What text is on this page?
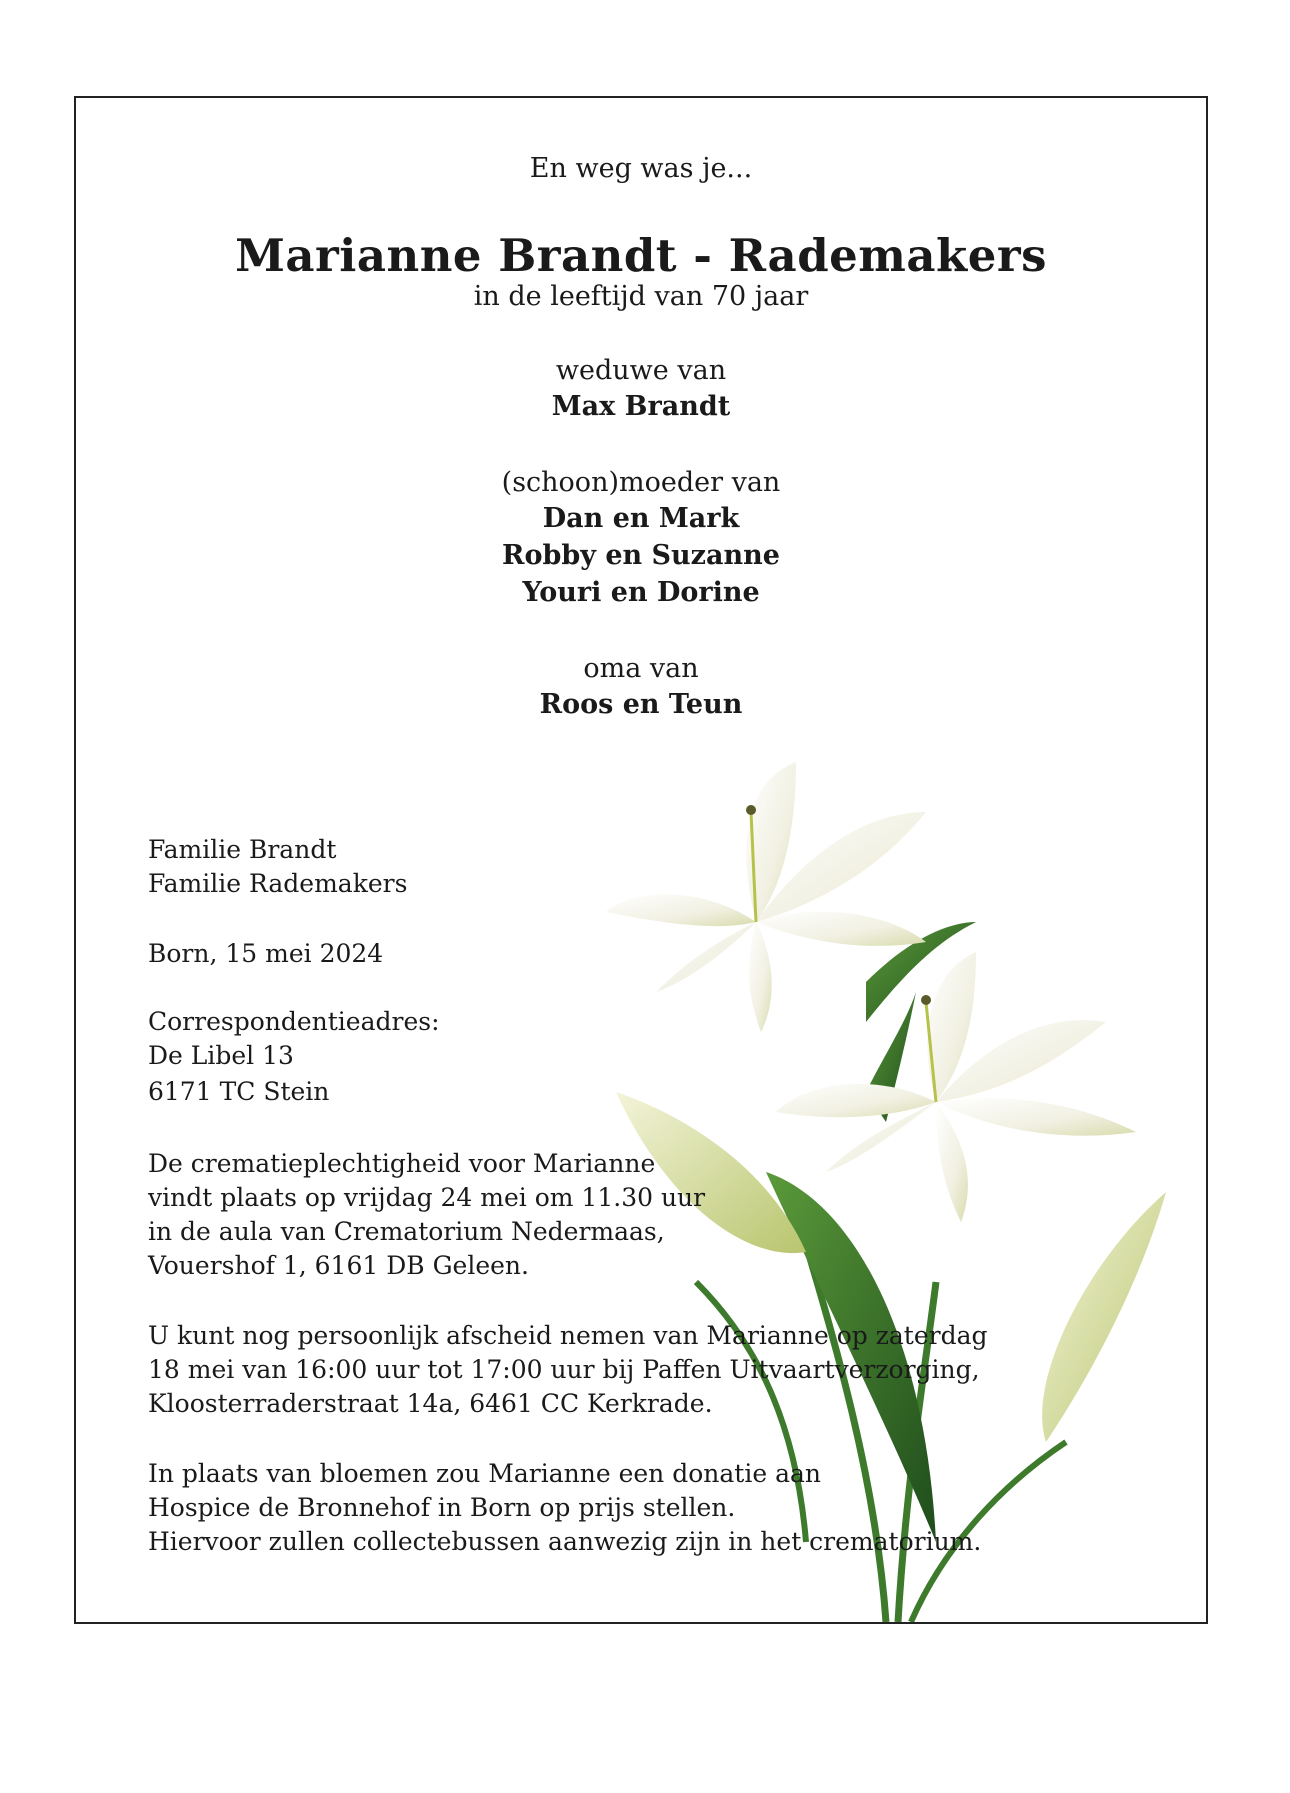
En weg was je...
Marianne Brandt - Rademakers
in de leeftijd van 70 jaar
weduwe van
Max Brandt
(schoon)moeder van
Dan en Mark
Robby en Suzanne
Youri en Dorine
oma van
Roos en Teun
Familie Brandt
Familie Rademakers
Born, 15 mei 2024
Correspondentieadres:
De Libel 13
6171 TC Stein
De crematieplechtigheid voor Marianne
vindt plaats op vrijdag 24 mei om 11.30 uur
in de aula van Crematorium Nedermaas,
Vouershof 1, 6161 DB Geleen.
U kunt nog persoonlijk afscheid nemen van Marianne op zaterdag
18 mei van 16:00 uur tot 17:00 uur bij Paffen Uitvaartverzorging,
Kloosterraderstraat 14a, 6461 CC Kerkrade.
In plaats van bloemen zou Marianne een donatie aan
Hospice de Bronnehof in Born op prijs stellen.
Hiervoor zullen collectebussen aanwezig zijn in het crematorium.
